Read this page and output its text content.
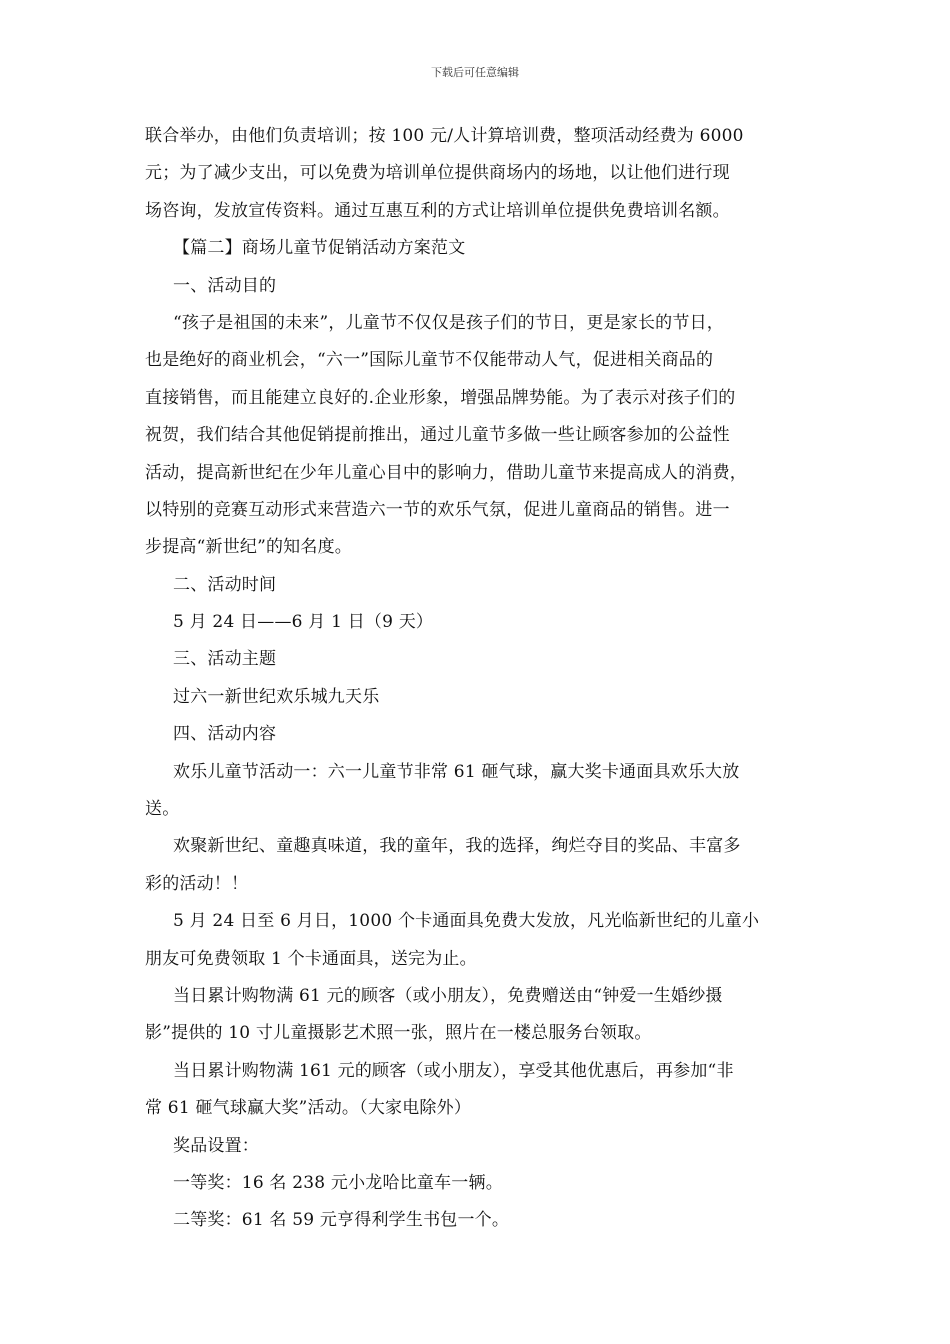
下载后可任意编辑
联合举办，由他们负责培训；按 100 元/人计算培训费，整项活动经费为 6000
元；为了减少支出，可以免费为培训单位提供商场内的场地，以让他们进行现
场咨询，发放宣传资料。通过互惠互利的方式让培训单位提供免费培训名额。
【篇二】商场儿童节促销活动方案范文
一、活动目的
“孩子是祖国的未来”，儿童节不仅仅是孩子们的节日，更是家长的节日，
也是绝好的商业机会，“六一”国际儿童节不仅能带动人气，促进相关商品的
直接销售，而且能建立良好的.企业形象，增强品牌势能。为了表示对孩子们的
祝贺，我们结合其他促销提前推出，通过儿童节多做一些让顾客参加的公益性
活动，提高新世纪在少年儿童心目中的影响力，借助儿童节来提高成人的消费，
以特别的竞赛互动形式来营造六一节的欢乐气氛，促进儿童商品的销售。进一
步提高“新世纪”的知名度。
二、活动时间
5 月 24 日——6 月 1 日（9 天）
三、活动主题
过六一新世纪欢乐城九天乐
四、活动内容
欢乐儿童节活动一：六一儿童节非常 61 砸气球，赢大奖卡通面具欢乐大放
送。
欢聚新世纪、童趣真味道，我的童年，我的选择，绚烂夺目的奖品、丰富多
彩的活动！！
5 月 24 日至 6 月日，1000 个卡通面具免费大发放，凡光临新世纪的儿童小
朋友可免费领取 1 个卡通面具，送完为止。
当日累计购物满 61 元的顾客（或小朋友），免费赠送由“钟爱一生婚纱摄
影”提供的 10 寸儿童摄影艺术照一张，照片在一楼总服务台领取。
当日累计购物满 161 元的顾客（或小朋友），享受其他优惠后，再参加“非
常 61 砸气球赢大奖”活动。（大家电除外）
奖品设置：
一等奖：16 名 238 元小龙哈比童车一辆。
二等奖：61 名 59 元亨得利学生书包一个。
